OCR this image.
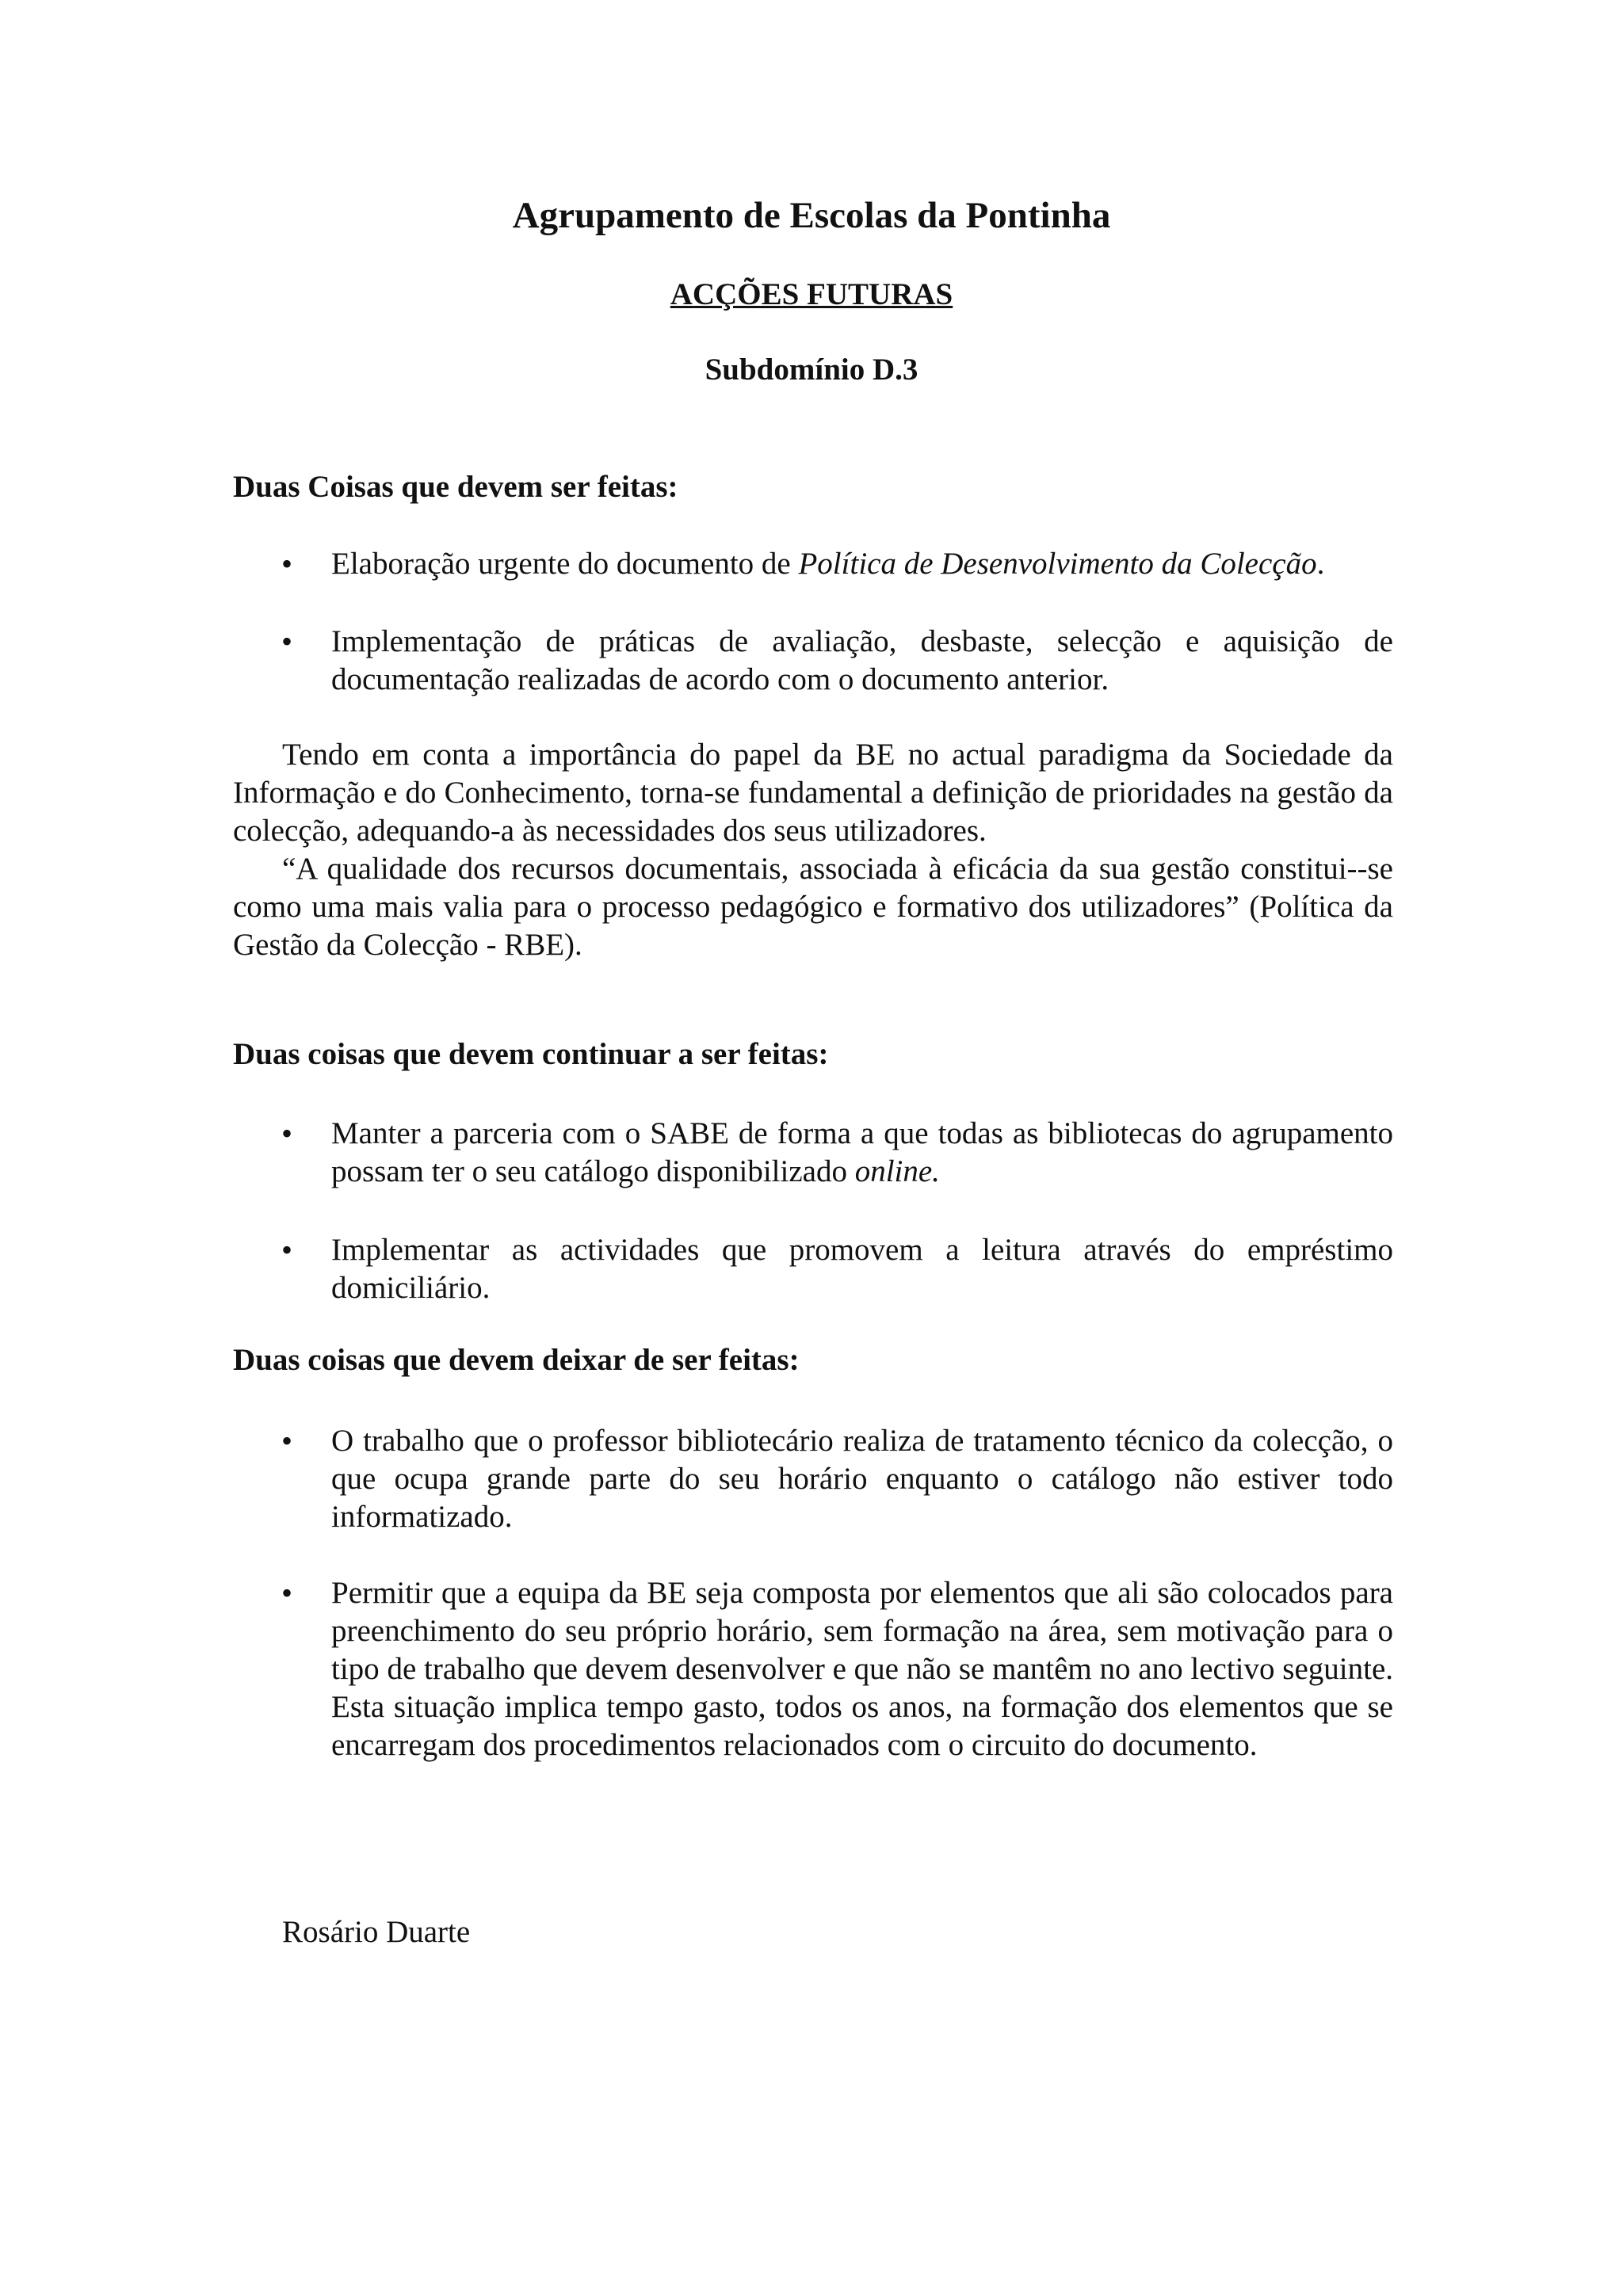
Agrupamento de Escolas da Pontinha
ACÇÕES FUTURAS
Subdomínio D.3
Duas Coisas que devem ser feitas:
• Elaboração urgente do documento de Política de Desenvolvimento da Colecção.
• Implementação de práticas de avaliação, desbaste, selecção e aquisição de documentação realizadas de acordo com o documento anterior.

Tendo em conta a importância do papel da BE no actual paradigma da Sociedade da Informação e do Conhecimento, torna-se fundamental a definição de prioridades na gestão da colecção, adequando-a às necessidades dos seus utilizadores.

“A qualidade dos recursos documentais, associada à eficácia da sua gestão constitui--se como uma mais valia para o processo pedagógico e formativo dos utilizadores” (Política da Gestão da Colecção - RBE).

Duas coisas que devem continuar a ser feitas:
• Manter a parceria com o SABE de forma a que todas as bibliotecas do agrupamento possam ter o seu catálogo disponibilizado online.
• Implementar as actividades que promovem a leitura através do empréstimo domiciliário.
Duas coisas que devem deixar de ser feitas:
• O trabalho que o professor bibliotecário realiza de tratamento técnico da colecção, o que ocupa grande parte do seu horário enquanto o catálogo não estiver todo informatizado.
• Permitir que a equipa da BE seja composta por elementos que ali são colocados para preenchimento do seu próprio horário, sem formação na área, sem motivação para o tipo de trabalho que devem desenvolver e que não se mantêm no ano lectivo seguinte. Esta situação implica tempo gasto, todos os anos, na formação dos elementos que se encarregam dos procedimentos relacionados com o circuito do documento.
Rosário Duarte
